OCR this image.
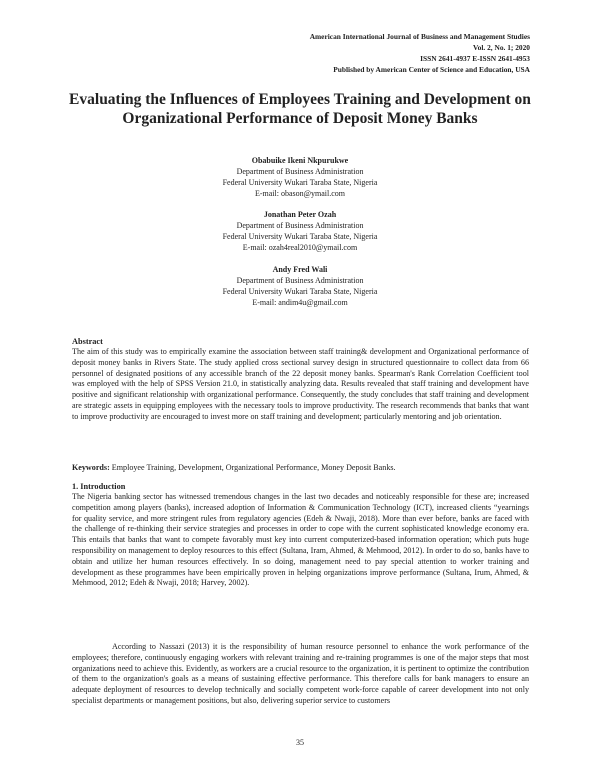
American International Journal of Business and Management Studies
Vol. 2, No. 1; 2020
ISSN 2641-4937 E-ISSN 2641-4953
Published by American Center of Science and Education, USA
Evaluating the Influences of Employees Training and Development on Organizational Performance of Deposit Money Banks
Obabuike Ikeni Nkpurukwe
Department of Business Administration
Federal University Wukari Taraba State, Nigeria
E-mail: obason@ymail.com
Jonathan Peter Ozah
Department of Business Administration
Federal University Wukari Taraba State, Nigeria
E-mail: ozah4real2010@ymail.com
Andy Fred Wali
Department of Business Administration
Federal University Wukari Taraba State, Nigeria
E-mail: andim4u@gmail.com
Abstract
The aim of this study was to empirically examine the association between staff training& development and Organizational performance of deposit money banks in Rivers State. The study applied cross sectional survey design in structured questionnaire to collect data from 66 personnel of designated positions of any accessible branch of the 22 deposit money banks. Spearman's Rank Correlation Coefficient tool was employed with the help of SPSS Version 21.0, in statistically analyzing data. Results revealed that staff training and development have positive and significant relationship with organizational performance. Consequently, the study concludes that staff training and development are strategic assets in equipping employees with the necessary tools to improve productivity. The research recommends that banks that want to improve productivity are encouraged to invest more on staff training and development; particularly mentoring and job orientation.
Keywords: Employee Training, Development, Organizational Performance, Money Deposit Banks.
1. Introduction
The Nigeria banking sector has witnessed tremendous changes in the last two decades and noticeably responsible for these are; increased competition among players (banks), increased adoption of Information & Communication Technology (ICT), increased clients “yearnings for quality service, and more stringent rules from regulatory agencies (Edeh & Nwaji, 2018). More than ever before, banks are faced with the challenge of re-thinking their service strategies and processes in order to cope with the current sophisticated knowledge economy era. This entails that banks that want to compete favorably must key into current computerized-based information operation; which puts huge responsibility on management to deploy resources to this effect (Sultana, Iram, Ahmed, & Mehmood, 2012). In order to do so, banks have to obtain and utilize her human resources effectively. In so doing, management need to pay special attention to worker training and development as these programmes have been empirically proven in helping organizations improve performance (Sultana, Irum, Ahmed, & Mehmood, 2012; Edeh & Nwaji, 2018; Harvey, 2002).
According to Nassazi (2013) it is the responsibility of human resource personnel to enhance the work performance of the employees; therefore, continuously engaging workers with relevant training and re-training programmes is one of the major steps that most organizations need to achieve this. Evidently, as workers are a crucial resource to the organization, it is pertinent to optimize the contribution of them to the organization's goals as a means of sustaining effective performance. This therefore calls for bank managers to ensure an adequate deployment of resources to develop technically and socially competent work-force capable of career development into not only specialist departments or management positions, but also, delivering superior service to customers
35
